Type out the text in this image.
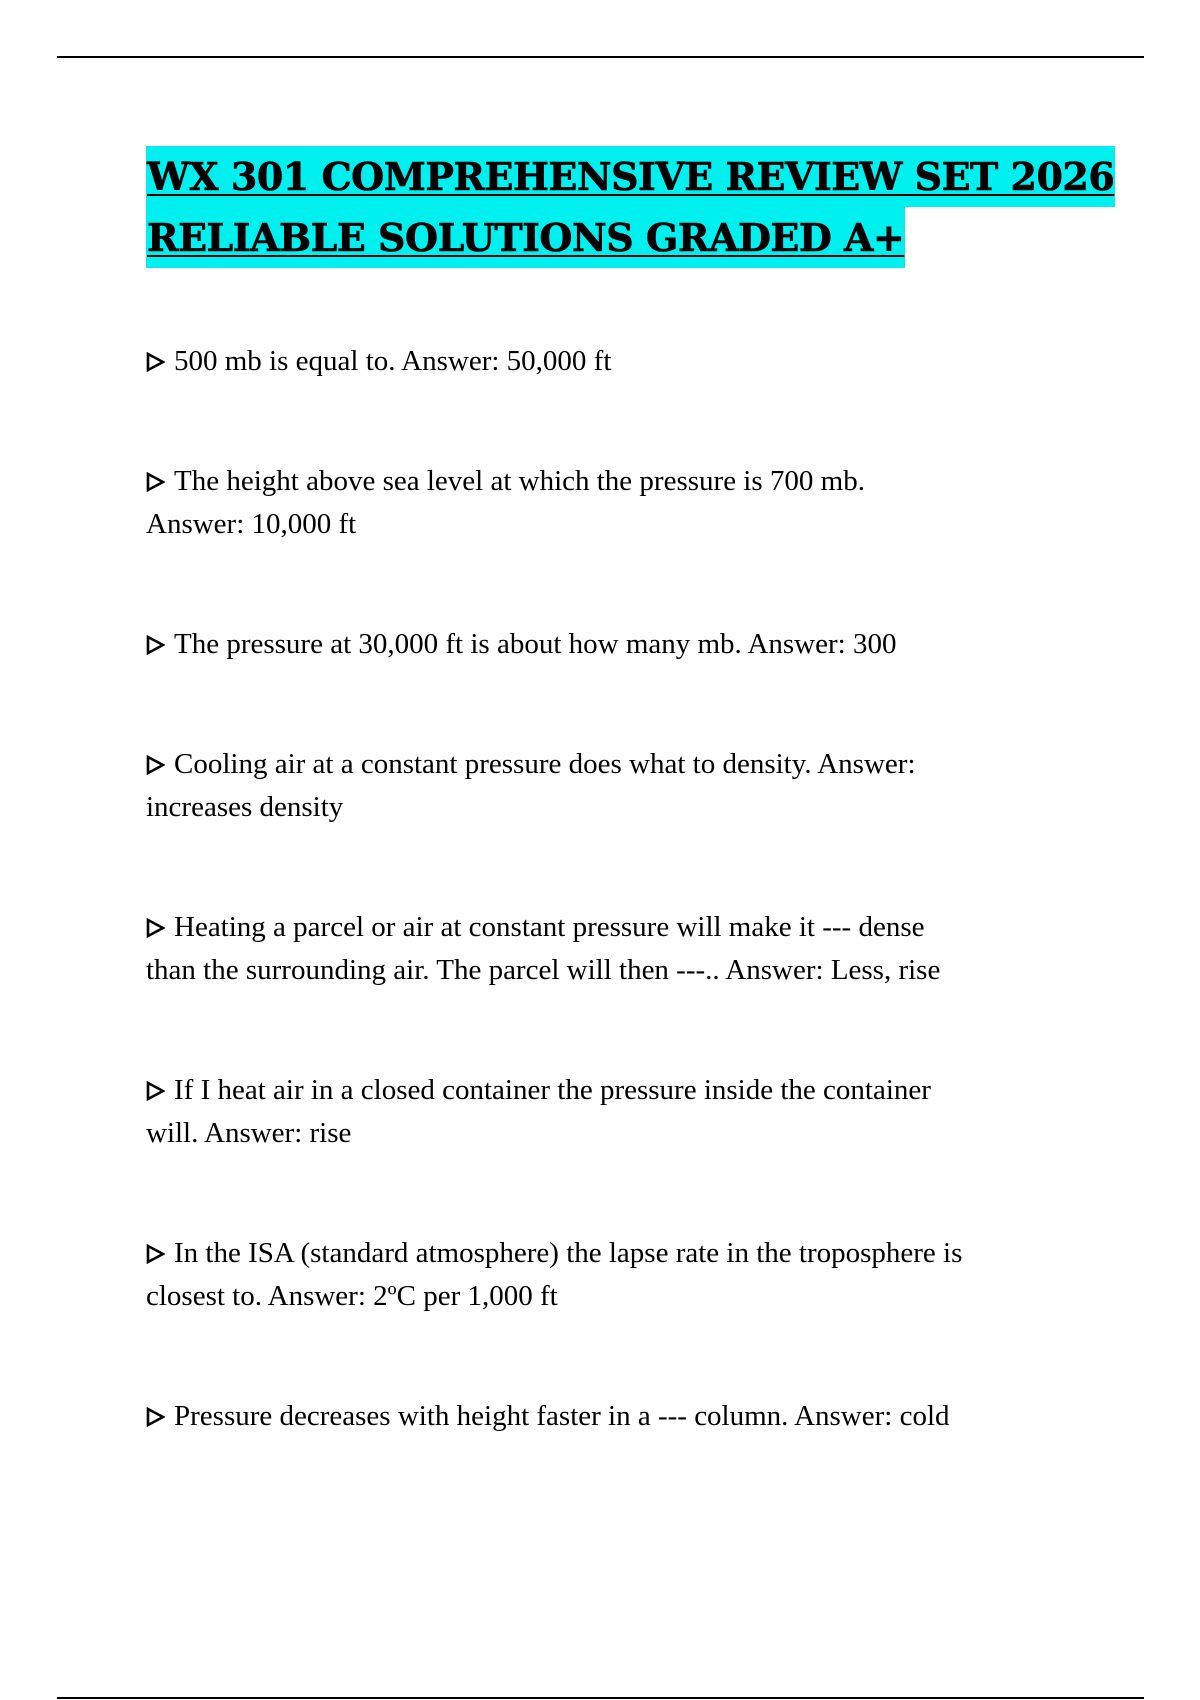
WX 301 COMPREHENSIVE REVIEW SET 2026
RELIABLE SOLUTIONS GRADED A+
500 mb is equal to. Answer: 50,000 ft
The height above sea level at which the pressure is 700 mb.
Answer: 10,000 ft
The pressure at 30,000 ft is about how many mb. Answer: 300
Cooling air at a constant pressure does what to density. Answer:
increases density
Heating a parcel or air at constant pressure will make it --- dense
than the surrounding air. The parcel will then ---.. Answer: Less, rise
If I heat air in a closed container the pressure inside the container
will. Answer: rise
In the ISA (standard atmosphere) the lapse rate in the troposphere is
closest to. Answer: 2ºC per 1,000 ft
Pressure decreases with height faster in a --- column. Answer: cold
